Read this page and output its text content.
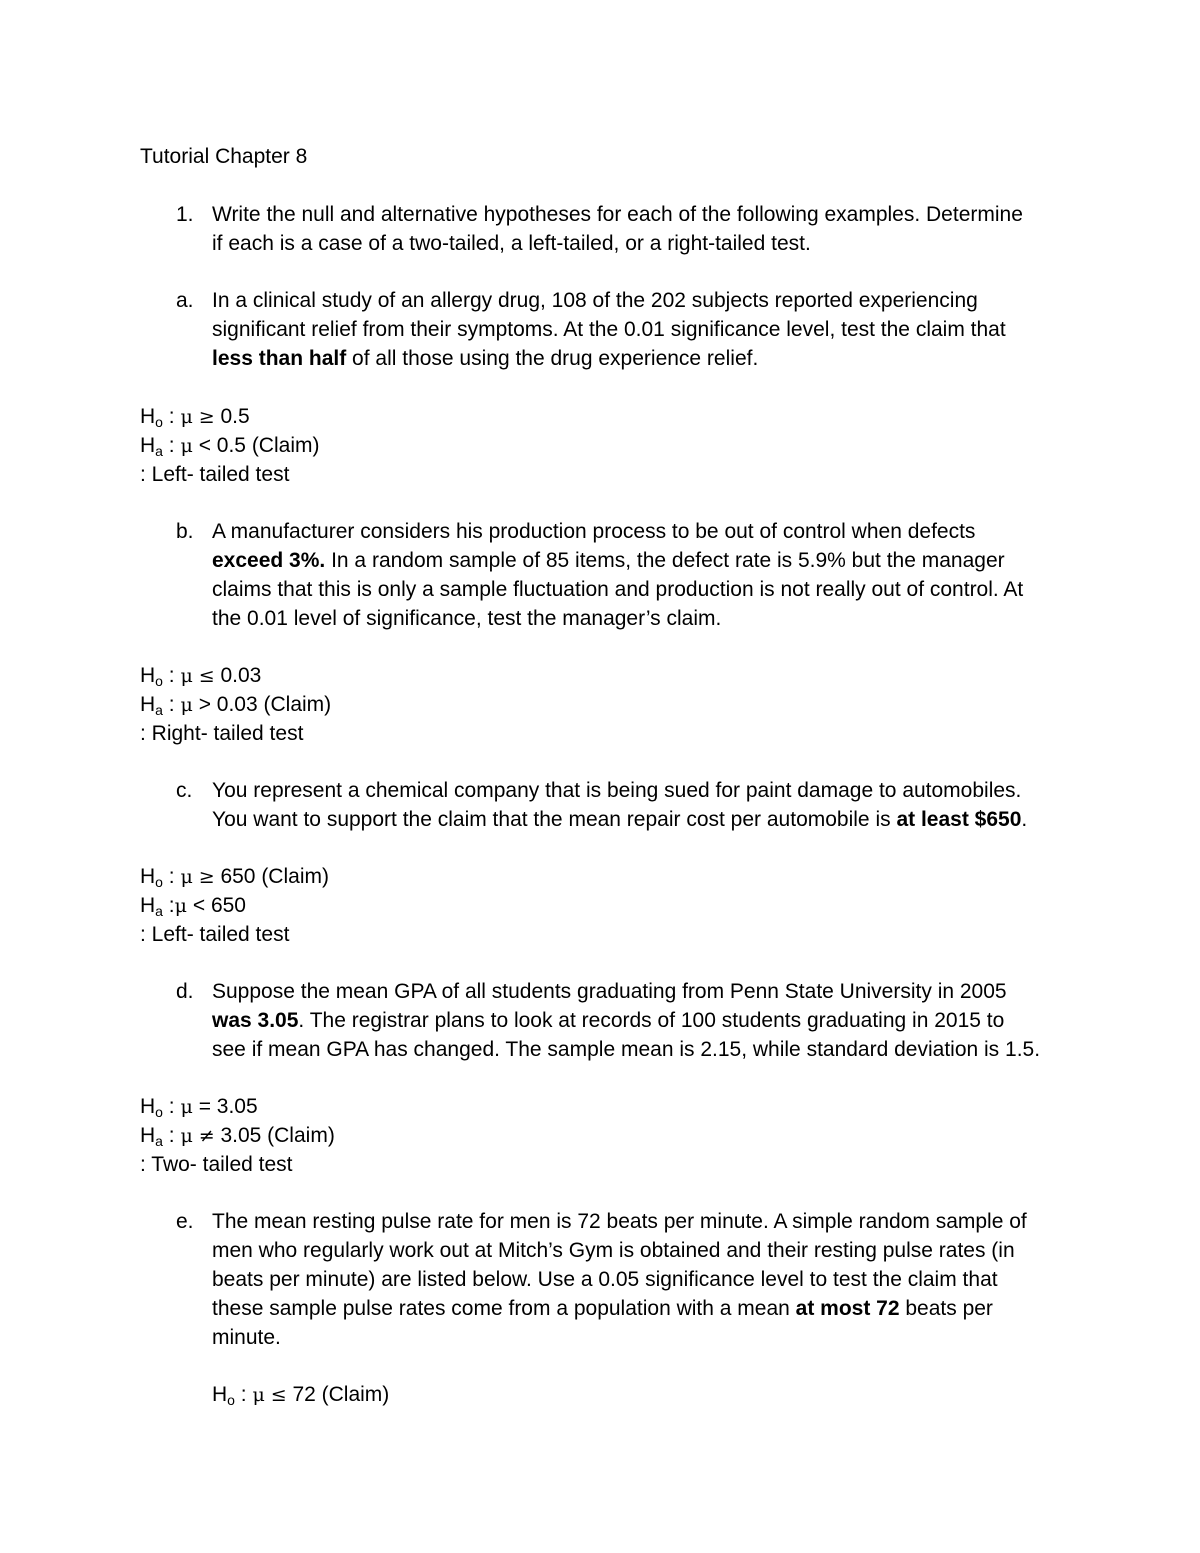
Tutorial Chapter 8
1. Write the null and alternative hypotheses for each of the following examples. Determine
if each is a case of a two-tailed, a left-tailed, or a right-tailed test.
a. In a clinical study of an allergy drug, 108 of the 202 subjects reported experiencing
significant relief from their symptoms. At the 0.01 significance level, test the claim that
less than half of all those using the drug experience relief.
$H_o$ : μ ≥ 0.5
$H_a$ : μ < 0.5 (Claim)
: Left- tailed test
b. A manufacturer considers his production process to be out of control when defects
exceed 3%. In a random sample of 85 items, the defect rate is 5.9% but the manager
claims that this is only a sample fluctuation and production is not really out of control. At
the 0.01 level of significance, test the manager’s claim.
$H_o$ : μ ≤ 0.03
$H_a$ : μ > 0.03 (Claim)
: Right- tailed test
c. You represent a chemical company that is being sued for paint damage to automobiles.
You want to support the claim that the mean repair cost per automobile is at least $650.
$H_o$ : μ ≥ 650 (Claim)
$H_a$ :μ < 650
: Left- tailed test
d. Suppose the mean GPA of all students graduating from Penn State University in 2005
was 3.05. The registrar plans to look at records of 100 students graduating in 2015 to
see if mean GPA has changed. The sample mean is 2.15, while standard deviation is 1.5.
$H_o$ : μ = 3.05
$H_a$ : μ ≠ 3.05 (Claim)
: Two- tailed test
e. The mean resting pulse rate for men is 72 beats per minute. A simple random sample of
men who regularly work out at Mitch’s Gym is obtained and their resting pulse rates (in
beats per minute) are listed below. Use a 0.05 significance level to test the claim that
these sample pulse rates come from a population with a mean at most 72 beats per
minute.
$H_o$ : μ ≤ 72 (Claim)
